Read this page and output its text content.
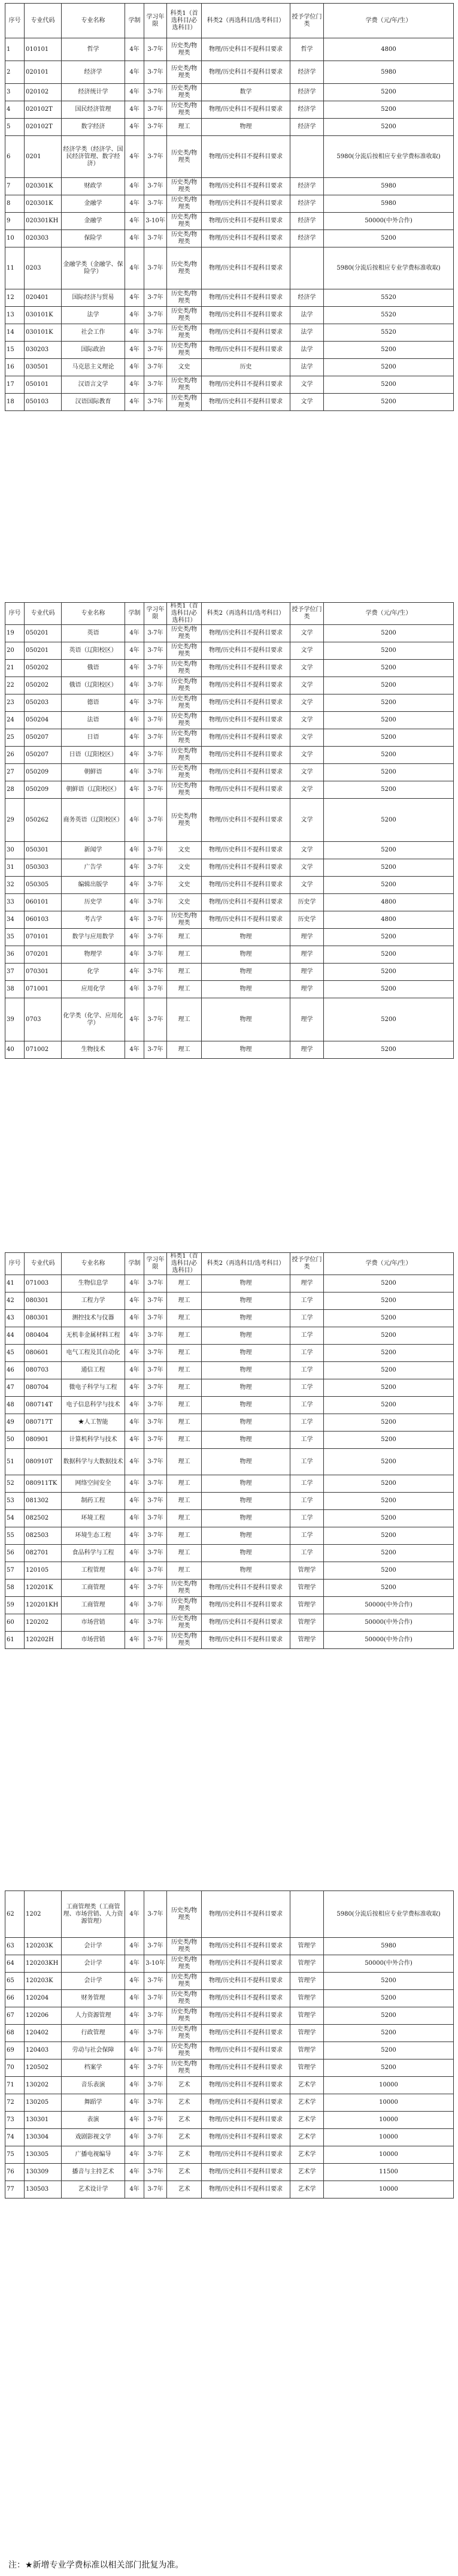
序号	专业代码	专业名称	学制	学习年限	科类1（首选科目/必选科目）	科类2（再选科目/选考科目）	授予学位门类	学费（元/年/生）
1	010101	哲学	4年	3-7年	历史类/物理类	物理/历史科目不提科目要求	哲学	4800
2	020101	经济学	4年	3-7年	历史类/物理类	物理/历史科目不提科目要求	经济学	5980
3	020102	经济统计学	4年	3-7年	历史类/物理类	数学	经济学	5200
4	020102T	国民经济管理	4年	3-7年	历史类/物理类	物理/历史科目不提科目要求	经济学	5200
5	020102T	数字经济	4年	3-7年	理工	物理	经济学	5200
6	0201	经济学类（经济学、国民经济管理、数字经济）	4年	3-7年	历史类/物理类	物理/历史科目不提科目要求		5980(分流后按相应专业学费标准收取)
7	020301K	财政学	4年	3-7年	历史类/物理类	物理/历史科目不提科目要求	经济学	5980
8	020301K	金融学	4年	3-7年	历史类/物理类	物理/历史科目不提科目要求	经济学	5980
9	020301KH	金融学	4年	3-10年	历史类/物理类	物理/历史科目不提科目要求	经济学	50000(中外合作)
10	020303	保险学	4年	3-7年	历史类/物理类	物理/历史科目不提科目要求	经济学	5200
11	0203	金融学类（金融学、保险学）	4年	3-7年	历史类/物理类	物理/历史科目不提科目要求		5980(分流后按相应专业学费标准收取)
12	020401	国际经济与贸易	4年	3-7年	历史类/物理类	物理/历史科目不提科目要求	经济学	5520
13	030101K	法学	4年	3-7年	历史类/物理类	物理/历史科目不提科目要求	法学	5520
14	030101K	社会工作	4年	3-7年	历史类/物理类	物理/历史科目不提科目要求	法学	5520
15	030203	国际政治	4年	3-7年	历史类/物理类	物理/历史科目不提科目要求	法学	5200
16	030501	马克思主义理论	4年	3-7年	文史	历史	法学	5200
17	050101	汉语言文学	4年	3-7年	历史类/物理类	物理/历史科目不提科目要求	文学	5200
18	050103	汉语国际教育	4年	3-7年	历史类/物理类	物理/历史科目不提科目要求	文学	5200
序号	专业代码	专业名称	学制	学习年限	科类1（首选科目/必选科目）	科类2（再选科目/选考科目）	授予学位门类	学费（元/年/生）
19	050201	英语	4年	3-7年	历史类/物理类	物理/历史科目不提科目要求	文学	5200
20	050201	英语（辽阳校区）	4年	3-7年	历史类/物理类	物理/历史科目不提科目要求	文学	5200
21	050202	俄语	4年	3-7年	历史类/物理类	物理/历史科目不提科目要求	文学	5200
22	050202	俄语（辽阳校区）	4年	3-7年	历史类/物理类	物理/历史科目不提科目要求	文学	5200
23	050203	德语	4年	3-7年	历史类/物理类	物理/历史科目不提科目要求	文学	5200
24	050204	法语	4年	3-7年	历史类/物理类	物理/历史科目不提科目要求	文学	5200
25	050207	日语	4年	3-7年	历史类/物理类	物理/历史科目不提科目要求	文学	5200
26	050207	日语（辽阳校区）	4年	3-7年	历史类/物理类	物理/历史科目不提科目要求	文学	5200
27	050209	朝鲜语	4年	3-7年	历史类/物理类	物理/历史科目不提科目要求	文学	5200
28	050209	朝鲜语（辽阳校区）	4年	3-7年	历史类/物理类	物理/历史科目不提科目要求	文学	5200
29	050262	商务英语（辽阳校区）	4年	3-7年	历史类/物理类	物理/历史科目不提科目要求	文学	5200
30	050301	新闻学	4年	3-7年	文史	物理/历史科目不提科目要求	文学	5200
31	050303	广告学	4年	3-7年	文史	物理/历史科目不提科目要求	文学	5200
32	050305	编辑出版学	4年	3-7年	文史	物理/历史科目不提科目要求	文学	5200
33	060101	历史学	4年	3-7年	文史	物理/历史科目不提科目要求	历史学	4800
34	060103	考古学	4年	3-7年	历史类/物理类	物理/历史科目不提科目要求	历史学	4800
35	070101	数学与应用数学	4年	3-7年	理工	物理	理学	5200
36	070201	物理学	4年	3-7年	理工	物理	理学	5200
37	070301	化学	4年	3-7年	理工	物理	理学	5200
38	071001	应用化学	4年	3-7年	理工	物理	理学	5200
39	0703	化学类（化学、应用化学）	4年	3-7年	理工	物理	理学	5200
40	071002	生物技术	4年	3-7年	理工	物理	理学	5200
序号	专业代码	专业名称	学制	学习年限	科类1（首选科目/必选科目）	科类2（再选科目/选考科目）	授予学位门类	学费（元/年/生）
41	071003	生物信息学	4年	3-7年	理工	物理	理学	5200
42	080301	工程力学	4年	3-7年	理工	物理	工学	5200
43	080301	测控技术与仪器	4年	3-7年	理工	物理	工学	5200
44	080404	无机非金属材料工程	4年	3-7年	理工	物理	工学	5200
45	080601	电气工程及其自动化	4年	3-7年	理工	物理	工学	5200
46	080703	通信工程	4年	3-7年	理工	物理	工学	5200
47	080704	微电子科学与工程	4年	3-7年	理工	物理	工学	5200
48	080714T	电子信息科学与技术	4年	3-7年	理工	物理	工学	5200
49	080717T	★人工智能	4年	3-7年	理工	物理	工学	5200
50	080901	计算机科学与技术	4年	3-7年	理工	物理	工学	5200
51	080910T	数据科学与大数据技术	4年	3-7年	理工	物理	工学	5200
52	080911TK	网络空间安全	4年	3-7年	理工	物理	工学	5200
53	081302	制药工程	4年	3-7年	理工	物理	工学	5200
54	082502	环境工程	4年	3-7年	理工	物理	工学	5200
55	082503	环境生态工程	4年	3-7年	理工	物理	工学	5200
56	082701	食品科学与工程	4年	3-7年	理工	物理	工学	5200
57	120105	工程管理	4年	3-7年	理工	物理	管理学	5200
58	120201K	工商管理	4年	3-7年	历史类/物理类	物理/历史科目不提科目要求	管理学	5200
59	120201KH	工商管理	4年	3-7年	历史类/物理类	物理/历史科目不提科目要求	管理学	50000(中外合作)
60	120202	市场营销	4年	3-7年	历史类/物理类	物理/历史科目不提科目要求	管理学	50000(中外合作)
61	120202H	市场营销	4年	3-7年	历史类/物理类	物理/历史科目不提科目要求	管理学	50000(中外合作)
62	1202	工商管理类（工商管理、市场营销、人力资源管理）	4年	3-7年	历史类/物理类	物理/历史科目不提科目要求		5980(分流后按相应专业学费标准收取)
63	120203K	会计学	4年	3-7年	历史类/物理类	物理/历史科目不提科目要求	管理学	5980
64	120203KH	会计学	4年	3-10年	历史类/物理类	物理/历史科目不提科目要求	管理学	50000(中外合作)
65	120203K	会计学	4年	3-7年	历史类/物理类	物理/历史科目不提科目要求	管理学	5200
66	120204	财务管理	4年	3-7年	历史类/物理类	物理/历史科目不提科目要求	管理学	5200
67	120206	人力资源管理	4年	3-7年	历史类/物理类	物理/历史科目不提科目要求	管理学	5200
68	120402	行政管理	4年	3-7年	历史类/物理类	物理/历史科目不提科目要求	管理学	5200
69	120403	劳动与社会保障	4年	3-7年	历史类/物理类	物理/历史科目不提科目要求	管理学	5200
70	120502	档案学	4年	3-7年	历史类/物理类	物理/历史科目不提科目要求	管理学	5200
71	130202	音乐表演	4年	3-7年	艺术	物理/历史科目不提科目要求	艺术学	10000
72	130205	舞蹈学	4年	3-7年	艺术	物理/历史科目不提科目要求	艺术学	10000
73	130301	表演	4年	3-7年	艺术	物理/历史科目不提科目要求	艺术学	10000
74	130304	戏剧影视文学	4年	3-7年	艺术	物理/历史科目不提科目要求	艺术学	10000
75	130305	广播电视编导	4年	3-7年	艺术	物理/历史科目不提科目要求	艺术学	10000
76	130309	播音与主持艺术	4年	3-7年	艺术	物理/历史科目不提科目要求	艺术学	11500
77	130503	艺术设计学	4年	3-7年	艺术	物理/历史科目不提科目要求	艺术学	10000
注：★新增专业学费标准以相关部门批复为准。
